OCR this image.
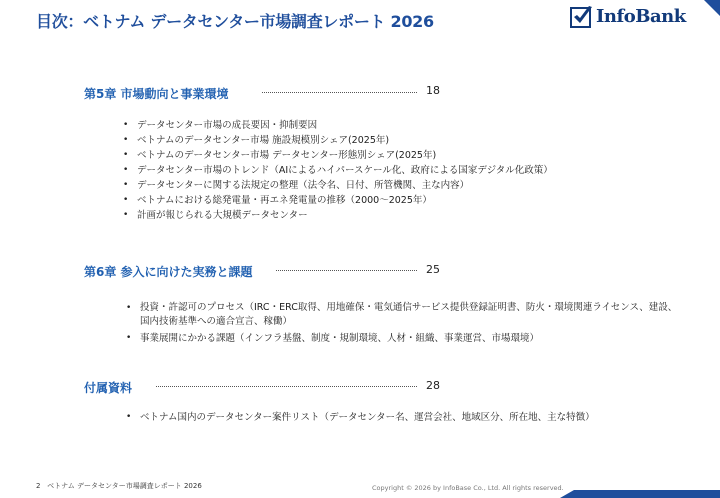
目次：ベトナム データセンター市場調査レポート 2026	InfoBank
第5章 市場動向と事業環境	18
• データセンター市場の成長要因・抑制要因
• ベトナムのデータセンター市場 施設規模別シェア(2025年)
• ベトナムのデータセンター市場 データセンター形態別シェア(2025年)
• データセンター市場のトレンド（AIによるハイパースケール化、政府による国家デジタル化政策）
• データセンターに関する法規定の整理（法令名、日付、所管機関、主な内容）
• ベトナムにおける総発電量・再エネ発電量の推移（2000～2025年）
• 計画が報じられる大規模データセンター
第6章 参入に向けた実務と課題	25
• 投資・許認可のプロセス（IRC・ERC取得、用地確保・電気通信サービス提供登録証明書、防火・環境関連ライセンス、建設、国内技術基準への適合宣言、稼働）
• 事業展開にかかる課題（インフラ基盤、制度・規制環境、人材・組織、事業運営、市場環境）
付属資料	28
• ベトナム国内のデータセンター案件リスト（データセンター名、運営会社、地域区分、所在地、主な特徴）
2 ベトナム データセンター市場調査レポート 2026	Copyright © 2026 by InfoBase Co., Ltd. All rights reserved.
